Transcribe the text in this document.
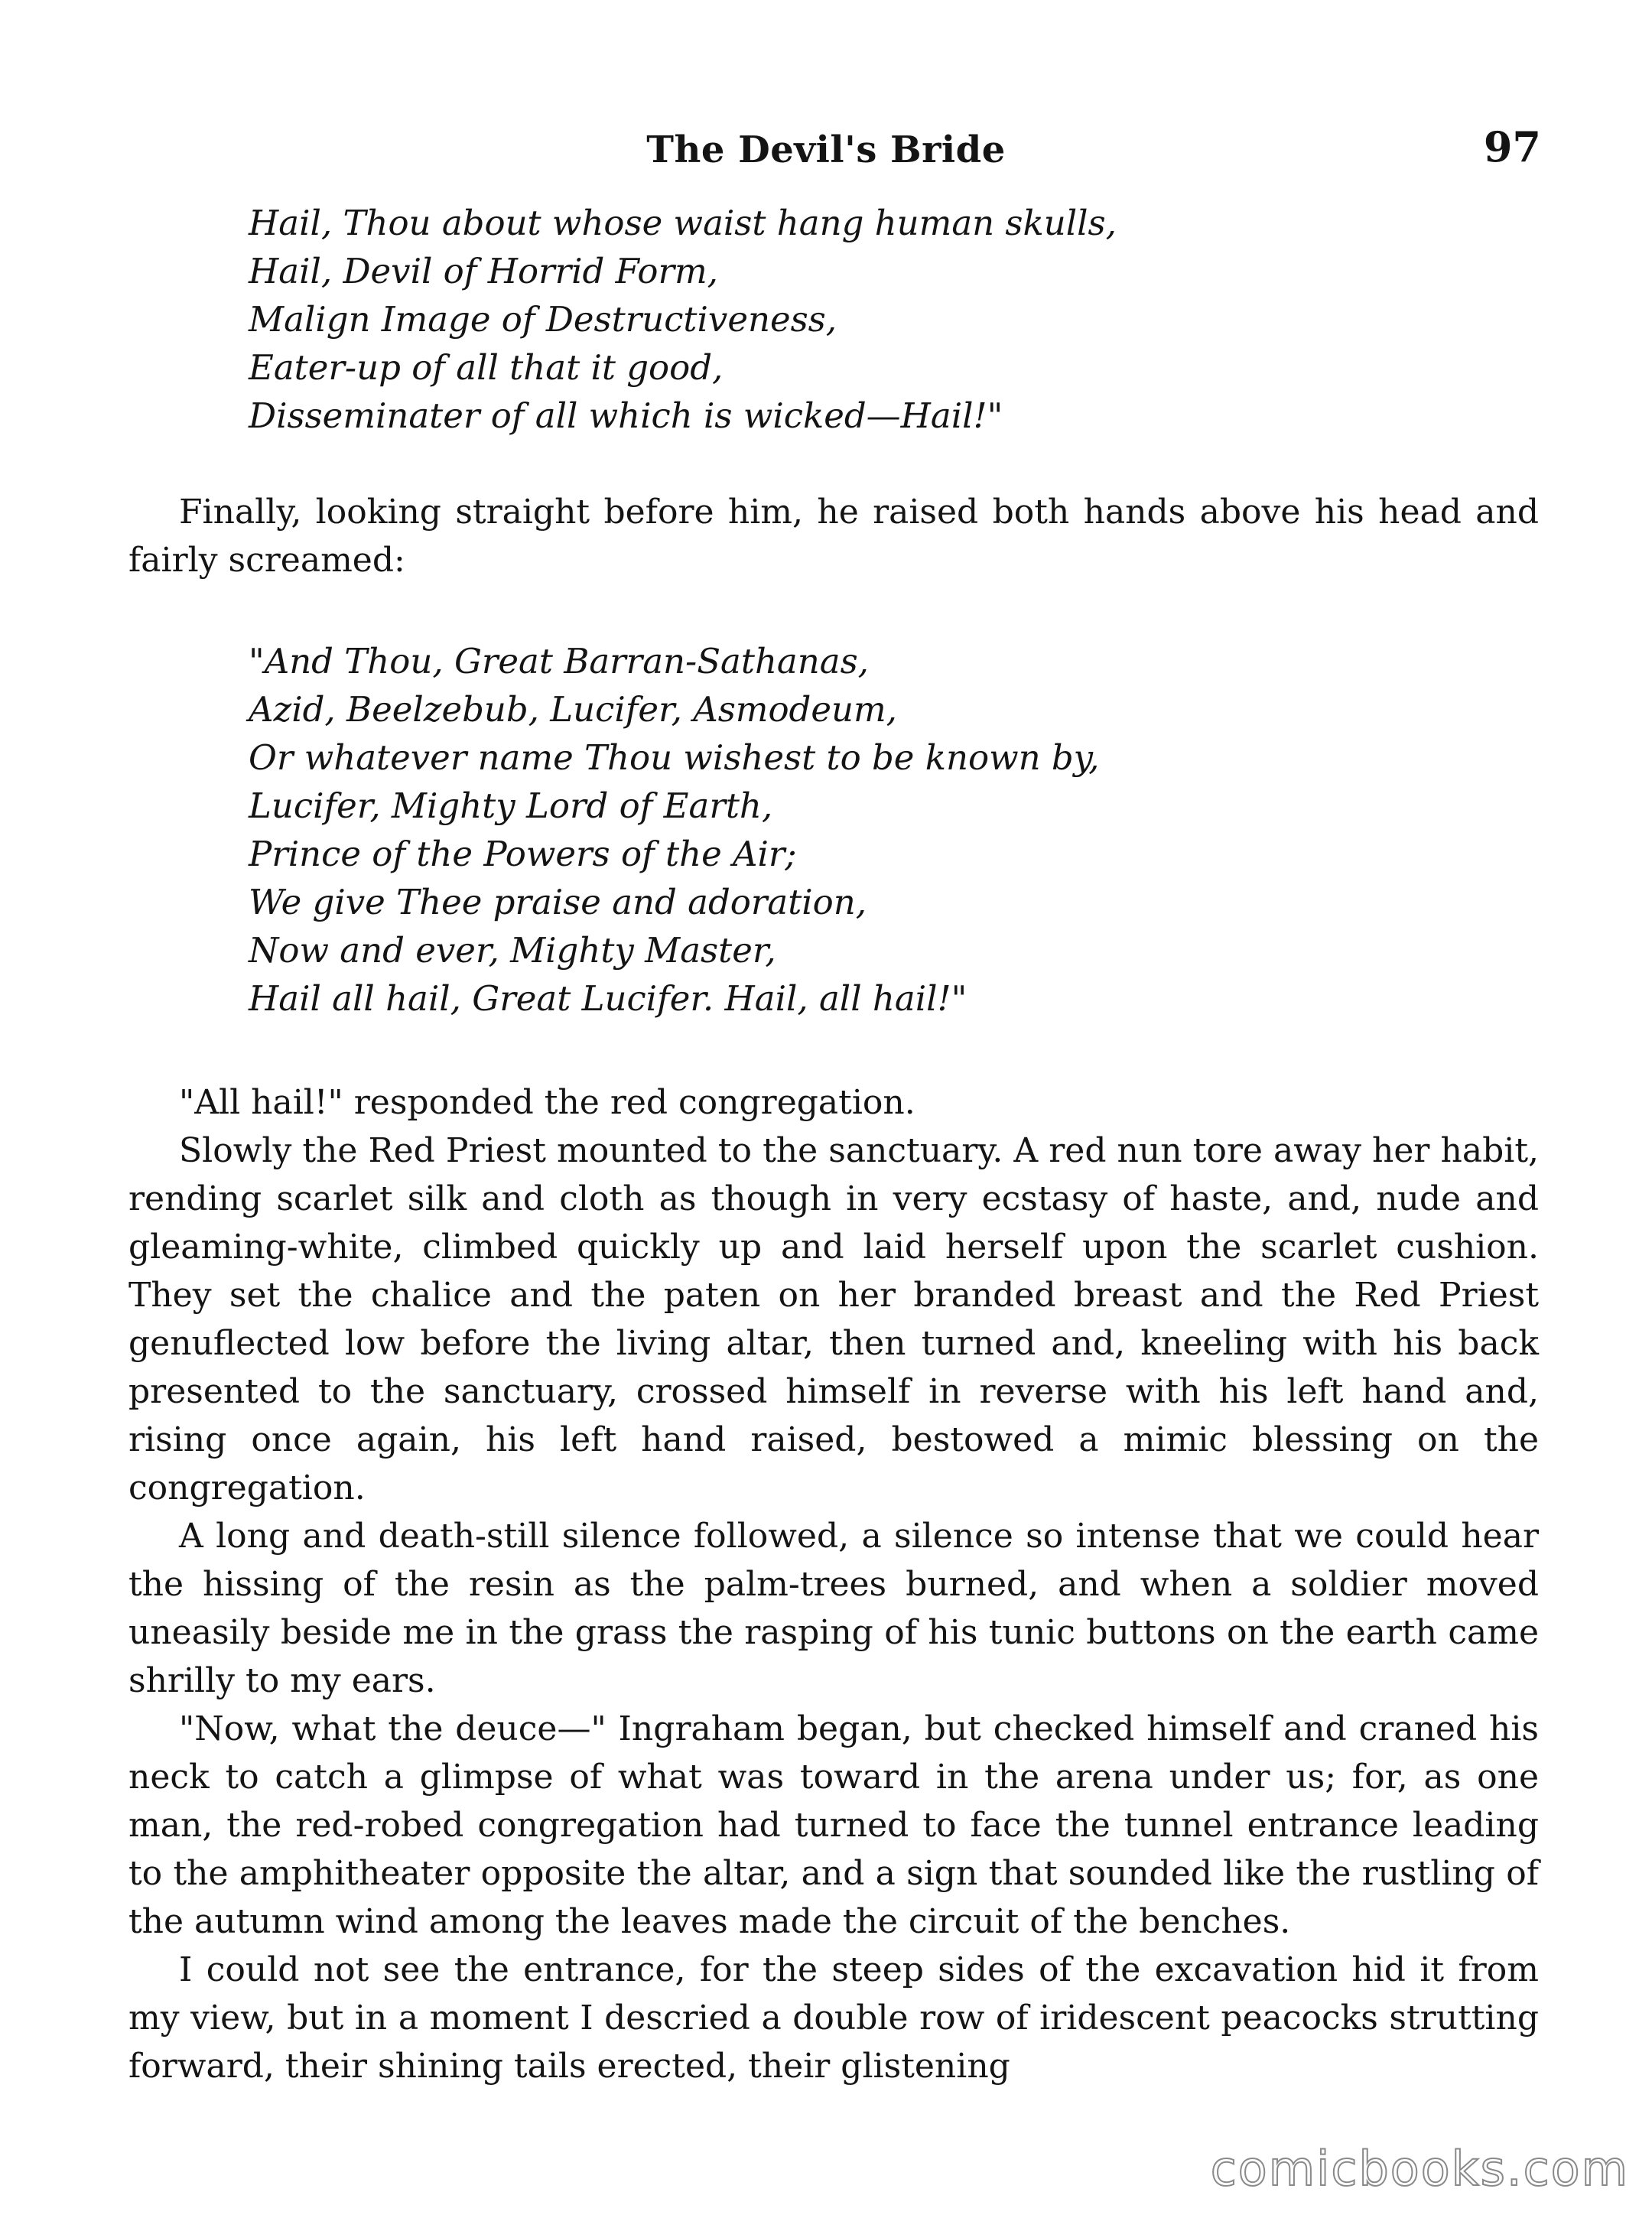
The Devil's Bride	97
Hail, Thou about whose waist hang human skulls,
Hail, Devil of Horrid Form,
Malign Image of Destructiveness,
Eater-up of all that it good,
Disseminater of all which is wicked—Hail!"

Finally, looking straight before him, he raised both hands above his head and fairly screamed:

"And Thou, Great Barran-Sathanas,
Azid, Beelzebub, Lucifer, Asmodeum,
Or whatever name Thou wishest to be known by,
Lucifer, Mighty Lord of Earth,
Prince of the Powers of the Air;
We give Thee praise and adoration,
Now and ever, Mighty Master,
Hail all hail, Great Lucifer. Hail, all hail!"

"All hail!" responded the red congregation.

Slowly the Red Priest mounted to the sanctuary. A red nun tore away her habit, rending scarlet silk and cloth as though in very ecstasy of haste, and, nude and gleaming-white, climbed quickly up and laid herself upon the scarlet cushion. They set the chalice and the paten on her branded breast and the Red Priest genuflected low before the living altar, then turned and, kneeling with his back presented to the sanctuary, crossed himself in reverse with his left hand and, rising once again, his left hand raised, bestowed a mimic blessing on the congregation.

A long and death-still silence followed, a silence so intense that we could hear the hissing of the resin as the palm-trees burned, and when a soldier moved uneasily beside me in the grass the rasping of his tunic buttons on the earth came shrilly to my ears.

"Now, what the deuce—" Ingraham began, but checked himself and craned his neck to catch a glimpse of what was toward in the arena under us; for, as one man, the red-robed congregation had turned to face the tunnel entrance leading to the amphitheater opposite the altar, and a sign that sounded like the rustling of the autumn wind among the leaves made the circuit of the benches.

I could not see the entrance, for the steep sides of the excavation hid it from my view, but in a moment I descried a double row of iridescent peacocks strutting forward, their shining tails erected, their glistening

comicbooks.com
